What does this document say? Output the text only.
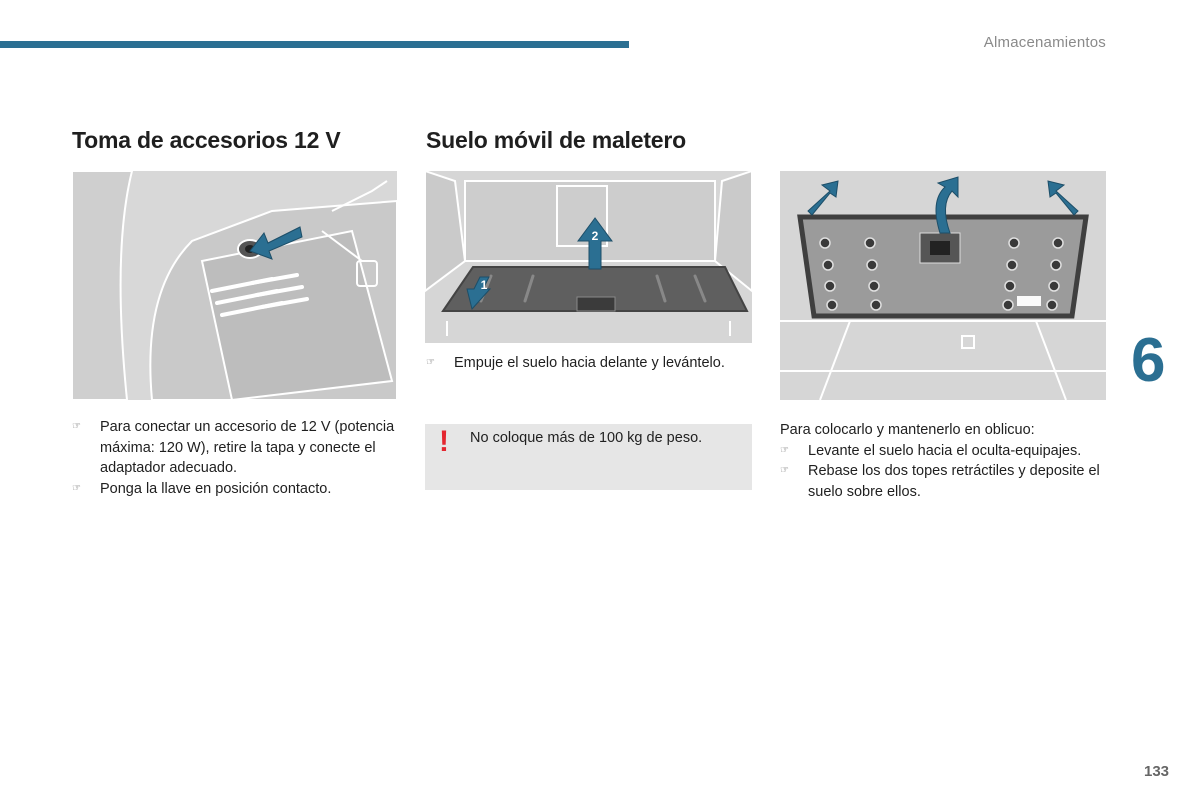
Almacenamientos
6
133
Toma de accesorios 12 V	Suelo móvil de maletero
2
1
☞ Para conectar un accesorio de 12 V (potencia máxima: 120 W), retire la tapa y conecte el adaptador adecuado.
☞ Ponga la llave en posición contacto.
☞ Empuje el suelo hacia delante y levántelo.
! No coloque más de 100 kg de peso.	Para colocarlo y mantenerlo en oblicuo:
☞ Levante el suelo hacia el oculta-equipajes.
☞ Rebase los dos topes retráctiles y deposite el suelo sobre ellos.
